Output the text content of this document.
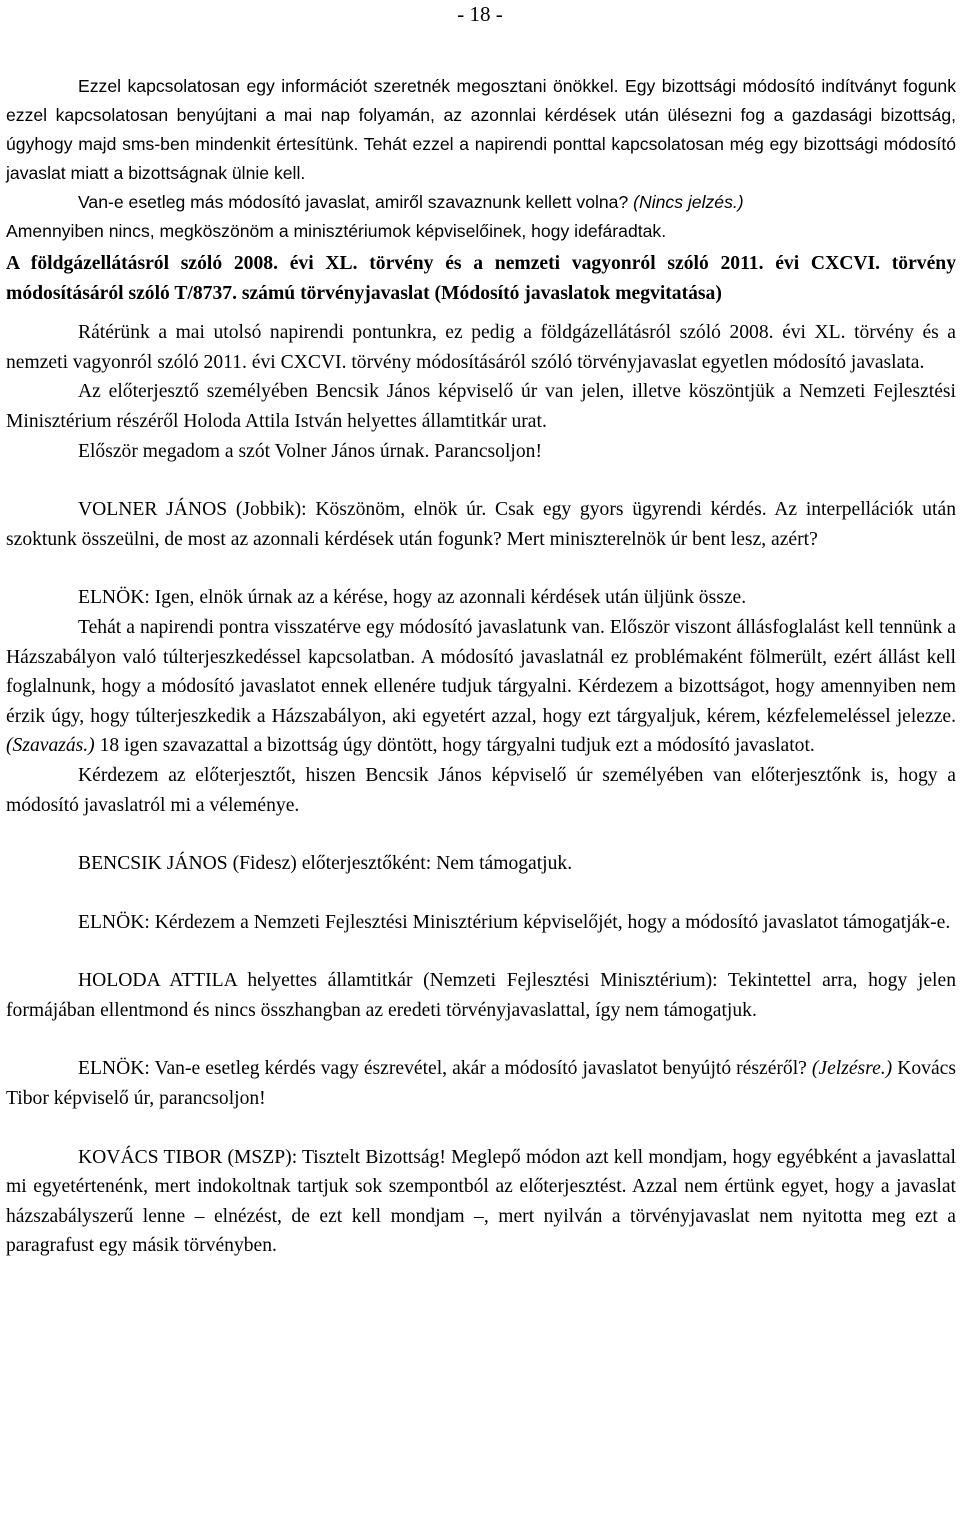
- 18 -

Ezzel kapcsolatosan egy információt szeretnék megosztani önökkel. Egy bizottsági módosító indítványt fogunk ezzel kapcsolatosan benyújtani a mai nap folyamán, az azonnlai kérdések után ülésezni fog a gazdasági bizottság, úgyhogy majd sms-ben mindenkit értesítünk. Tehát ezzel a napirendi ponttal kapcsolatosan még egy bizottsági módosító javaslat miatt a bizottságnak ülnie kell.

Van-e esetleg más módosító javaslat, amiről szavaznunk kellett volna? (Nincs jelzés.)

Amennyiben nincs, megköszönöm a minisztériumok képviselőinek, hogy idefáradtak.

A földgázellátásról szóló 2008. évi XL. törvény és a nemzeti vagyonról szóló 2011. évi CXCVI. törvény módosításáról szóló T/8737. számú törvényjavaslat (Módosító javaslatok megvitatása)

Rátérünk a mai utolsó napirendi pontunkra, ez pedig a földgázellátásról szóló 2008. évi XL. törvény és a nemzeti vagyonról szóló 2011. évi CXCVI. törvény módosításáról szóló törvényjavaslat egyetlen módosító javaslata.

Az előterjesztő személyében Bencsik János képviselő úr van jelen, illetve köszöntjük a Nemzeti Fejlesztési Minisztérium részéről Holoda Attila István helyettes államtitkár urat.

Először megadom a szót Volner János úrnak. Parancsoljon!

VOLNER JÁNOS (Jobbik): Köszönöm, elnök úr. Csak egy gyors ügyrendi kérdés. Az interpellációk után szoktunk összeülni, de most az azonnali kérdések után fogunk? Mert miniszterelnök úr bent lesz, azért?

ELNÖK: Igen, elnök úrnak az a kérése, hogy az azonnali kérdések után üljünk össze.

Tehát a napirendi pontra visszatérve egy módosító javaslatunk van. Először viszont állásfoglalást kell tennünk a Házszabályon való túlterjeszkedéssel kapcsolatban. A módosító javaslatnál ez problémaként fölmerült, ezért állást kell foglalnunk, hogy a módosító javaslatot ennek ellenére tudjuk tárgyalni. Kérdezem a bizottságot, hogy amennyiben nem érzik úgy, hogy túlterjeszkedik a Házszabályon, aki egyetért azzal, hogy ezt tárgyaljuk, kérem, kézfelemeléssel jelezze. (Szavazás.) 18 igen szavazattal a bizottság úgy döntött, hogy tárgyalni tudjuk ezt a módosító javaslatot.

Kérdezem az előterjesztőt, hiszen Bencsik János képviselő úr személyében van előterjesztőnk is, hogy a módosító javaslatról mi a véleménye.

BENCSIK JÁNOS (Fidesz) előterjesztőként: Nem támogatjuk.

ELNÖK: Kérdezem a Nemzeti Fejlesztési Minisztérium képviselőjét, hogy a módosító javaslatot támogatják-e.

HOLODA ATTILA helyettes államtitkár (Nemzeti Fejlesztési Minisztérium): Tekintettel arra, hogy jelen formájában ellentmond és nincs összhangban az eredeti törvényjavaslattal, így nem támogatjuk.

ELNÖK: Van-e esetleg kérdés vagy észrevétel, akár a módosító javaslatot benyújtó részéről? (Jelzésre.) Kovács Tibor képviselő úr, parancsoljon!

KOVÁCS TIBOR (MSZP): Tisztelt Bizottság! Meglepő módon azt kell mondjam, hogy egyébként a javaslattal mi egyetértenénk, mert indokoltnak tartjuk sok szempontból az előterjesztést. Azzal nem értünk egyet, hogy a javaslat házszabályszerű lenne – elnézést, de ezt kell mondjam –, mert nyilván a törvényjavaslat nem nyitotta meg ezt a paragrafust egy másik törvényben.
